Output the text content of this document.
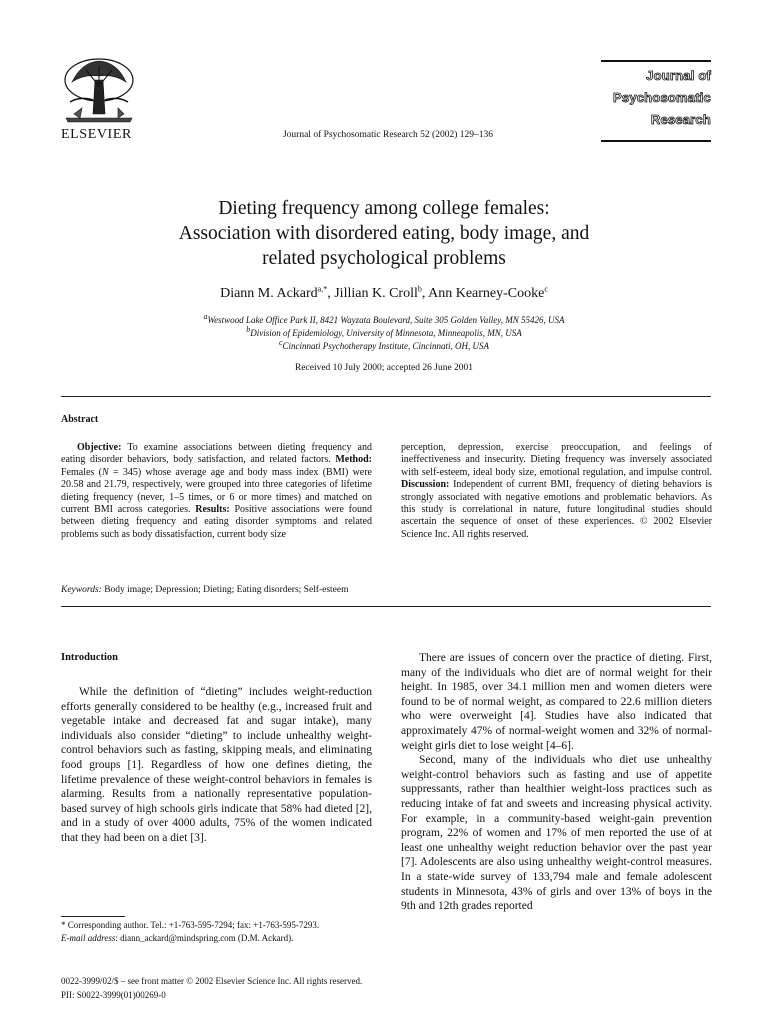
ELSEVIER	Journal of Psychosomatic Research 52 (2002) 129–136
Journal of
Psychosomatic
Research
Dieting frequency among college females:
Association with disordered eating, body image, and
related psychological problems
Diann M. Ackard$^{a,*}$, Jillian K. Croll$^b$, Ann Kearney-Cooke$^c$
$^a$Westwood Lake Office Park II, 8421 Wayzata Boulevard, Suite 305 Golden Valley, MN 55426, USA
$^b$Division of Epidemiology, University of Minnesota, Minneapolis, MN, USA
$^c$Cincinnati Psychotherapy Institute, Cincinnati, OH, USA
Received 10 July 2000; accepted 26 June 2001
Abstract

Objective: To examine associations between dieting frequency and eating disorder behaviors, body satisfaction, and related factors. Method: Females (N = 345) whose average age and body mass index (BMI) were 20.58 and 21.79, respectively, were grouped into three categories of lifetime dieting frequency (never, 1–5 times, or 6 or more times) and matched on current BMI across categories. Results: Positive associations were found between dieting frequency and eating disorder symptoms and related problems such as body dissatisfaction, current body size

perception, depression, exercise preoccupation, and feelings of ineffectiveness and insecurity. Dieting frequency was inversely associated with self-esteem, ideal body size, emotional regulation, and impulse control. Discussion: Independent of current BMI, frequency of dieting behaviors is strongly associated with negative emotions and problematic behaviors. As this study is correlational in nature, future longitudinal studies should ascertain the sequence of onset of these experiences. © 2002 Elsevier Science Inc. All rights reserved.

Keywords: Body image; Depression; Dieting; Eating disorders; Self-esteem
Introduction

While the definition of “dieting” includes weight-reduction efforts generally considered to be healthy (e.g., increased fruit and vegetable intake and decreased fat and sugar intake), many individuals also consider “dieting” to include unhealthy weight-control behaviors such as fasting, skipping meals, and eliminating food groups [1]. Regardless of how one defines dieting, the lifetime prevalence of these weight-control behaviors in females is alarming. Results from a nationally representative population-based survey of high schools girls indicate that 58% had dieted [2], and in a study of over 4000 adults, 75% of the women indicated that they had been on a diet [3].

There are issues of concern over the practice of dieting. First, many of the individuals who diet are of normal weight for their height. In 1985, over 34.1 million men and women dieters were found to be of normal weight, as compared to 22.6 million dieters who were overweight [4]. Studies have also indicated that approximately 47% of normal-weight women and 32% of normal-weight girls diet to lose weight [4–6].

Second, many of the individuals who diet use unhealthy weight-control behaviors such as fasting and use of appetite suppressants, rather than healthier weight-loss practices such as reducing intake of fat and sweets and increasing physical activity. For example, in a community-based weight-gain prevention program, 22% of women and 17% of men reported the use of at least one unhealthy weight reduction behavior over the past year [7]. Adolescents are also using unhealthy weight-control measures. In a state-wide survey of 133,794 male and female adolescent students in Minnesota, 43% of girls and over 13% of boys in the 9th and 12th grades reported

* Corresponding author. Tel.: +1-763-595-7294; fax: +1-763-595-7293.

E-mail address: diann_ackard@mindspring.com (D.M. Ackard).

0022-3999/02/$ – see front matter © 2002 Elsevier Science Inc. All rights reserved.
PII: S0022-3999(01)00269-0
